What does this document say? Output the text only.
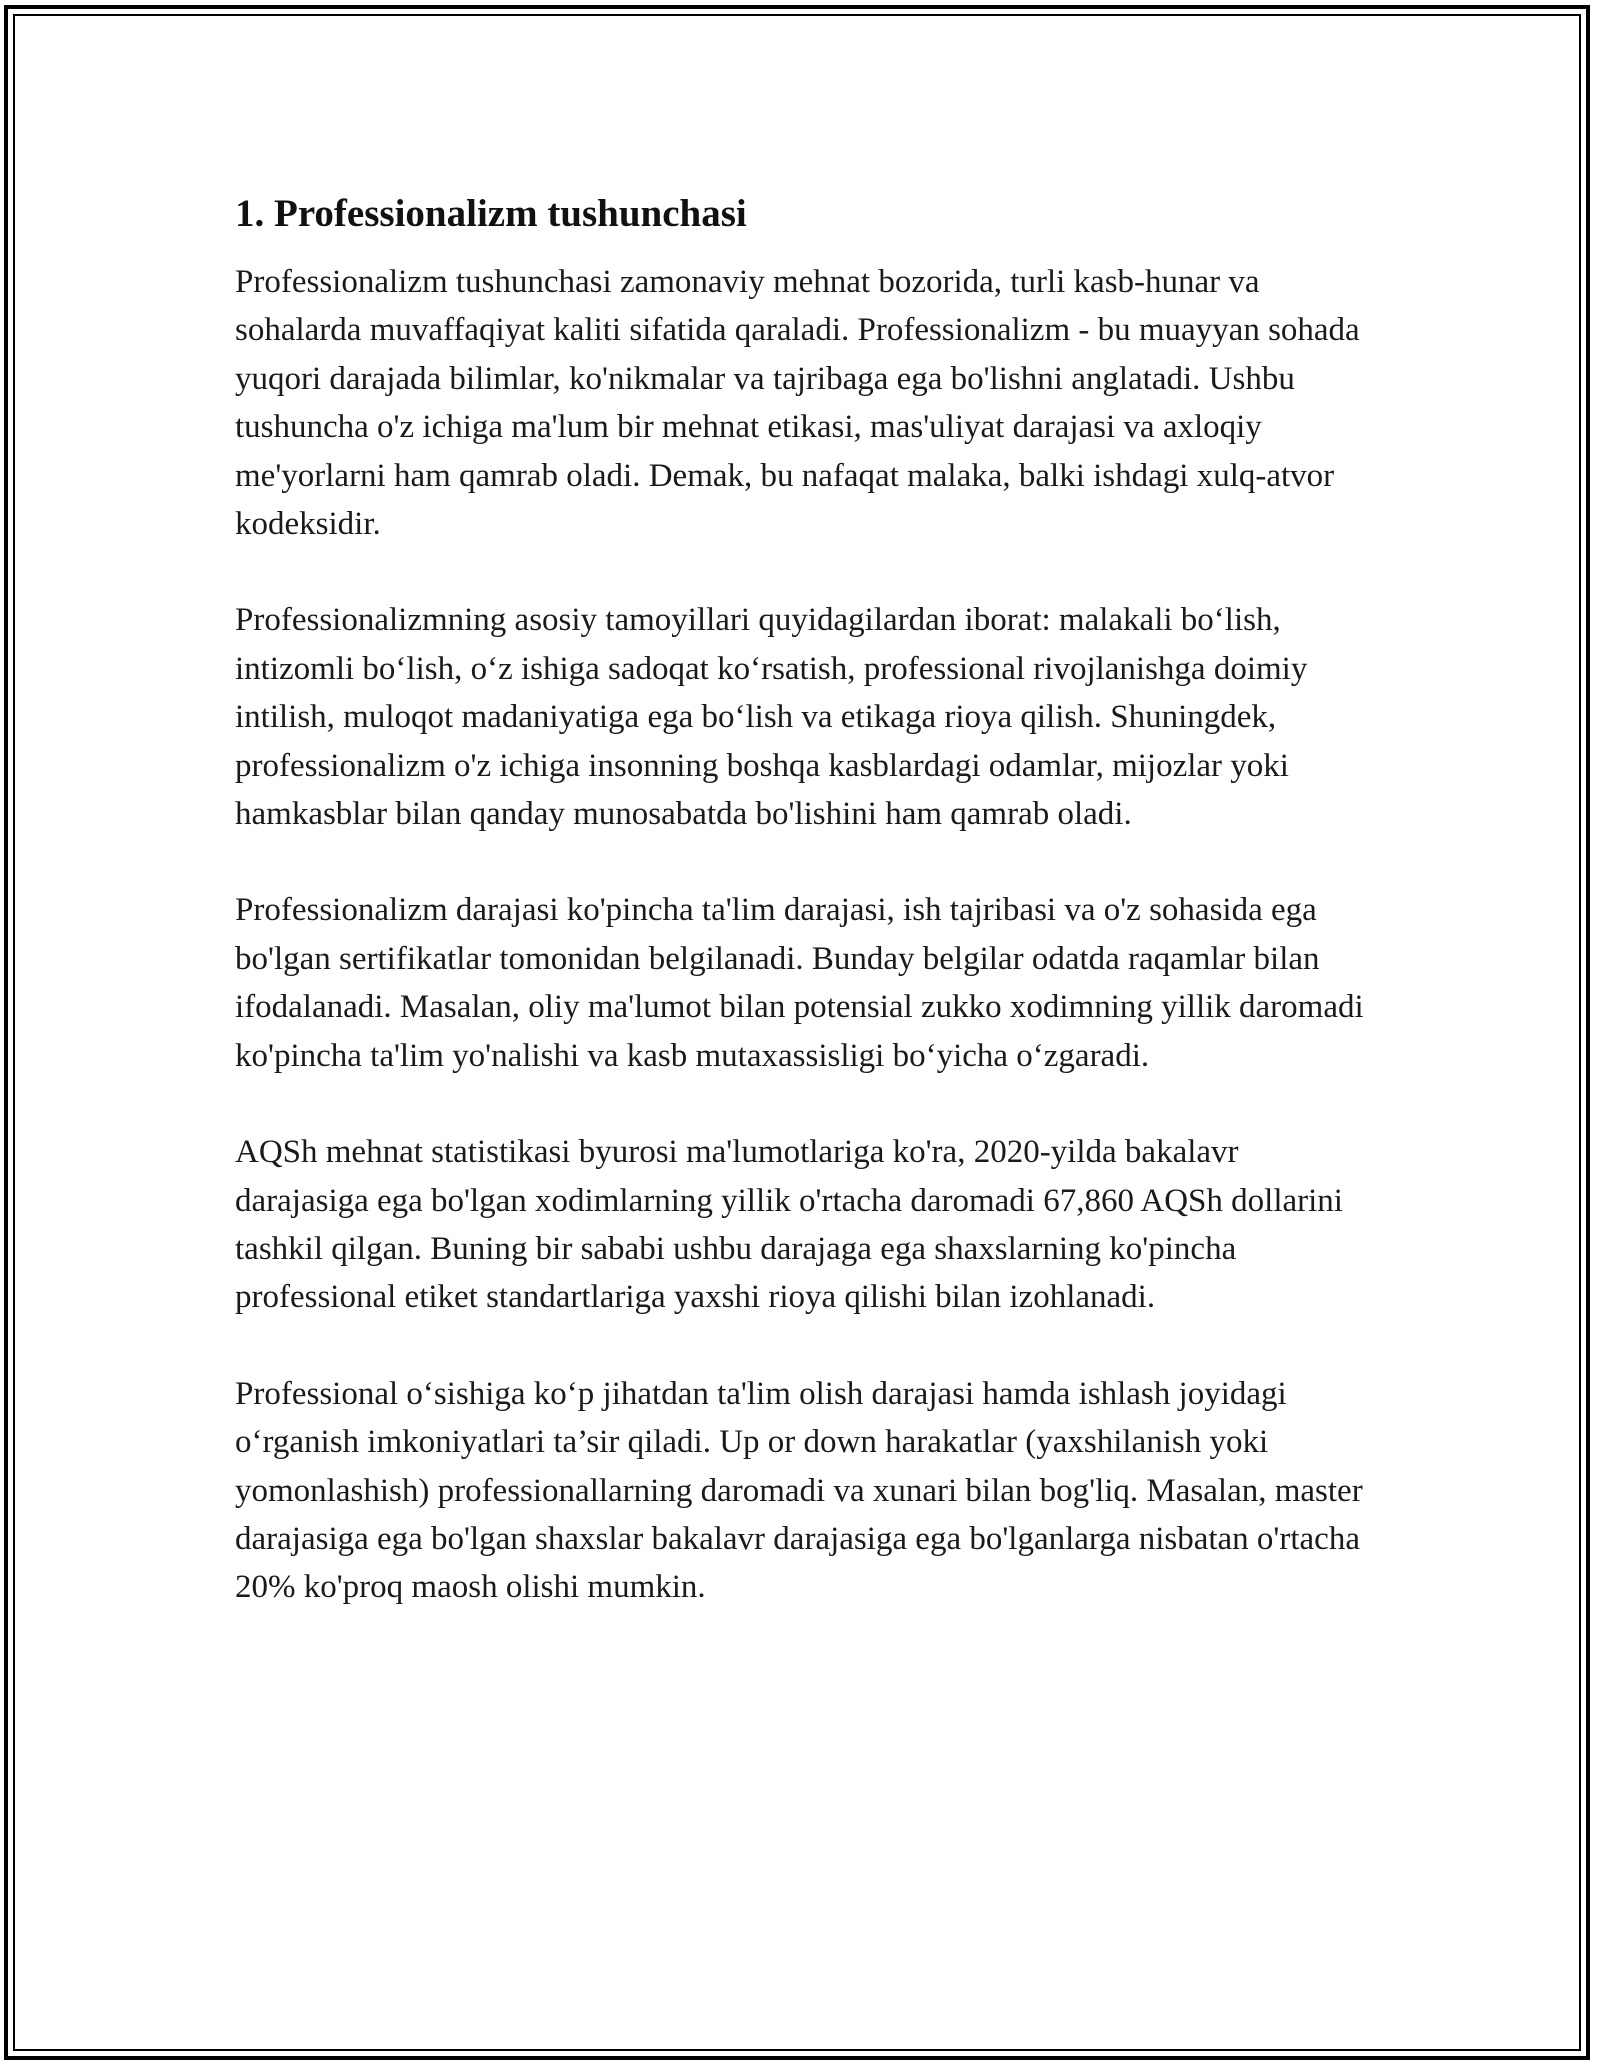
1. Professionalizm tushunchasi

Professionalizm tushunchasi zamonaviy mehnat bozorida, turli kasb-hunar va sohalarda muvaffaqiyat kaliti sifatida qaraladi. Professionalizm - bu muayyan sohada yuqori darajada bilimlar, ko'nikmalar va tajribaga ega bo'lishni anglatadi. Ushbu tushuncha o'z ichiga ma'lum bir mehnat etikasi, mas'uliyat darajasi va axloqiy me'yorlarni ham qamrab oladi. Demak, bu nafaqat malaka, balki ishdagi xulq-atvor kodeksidir.

Professionalizmning asosiy tamoyillari quyidagilardan iborat: malakali bo‘lish, intizomli bo‘lish, o‘z ishiga sadoqat ko‘rsatish, professional rivojlanishga doimiy intilish, muloqot madaniyatiga ega bo‘lish va etikaga rioya qilish. Shuningdek, professionalizm o'z ichiga insonning boshqa kasblardagi odamlar, mijozlar yoki hamkasblar bilan qanday munosabatda bo'lishini ham qamrab oladi.

Professionalizm darajasi ko'pincha ta'lim darajasi, ish tajribasi va o'z sohasida ega bo'lgan sertifikatlar tomonidan belgilanadi. Bunday belgilar odatda raqamlar bilan ifodalanadi. Masalan, oliy ma'lumot bilan potensial zukko xodimning yillik daromadi ko'pincha ta'lim yo'nalishi va kasb mutaxassisligi bo‘yicha o‘zgaradi.

AQSh mehnat statistikasi byurosi ma'lumotlariga ko'ra, 2020-yilda bakalavr darajasiga ega bo'lgan xodimlarning yillik o'rtacha daromadi 67,860 AQSh dollarini tashkil qilgan. Buning bir sababi ushbu darajaga ega shaxslarning ko'pincha professional etiket standartlariga yaxshi rioya qilishi bilan izohlanadi.

Professional o‘sishiga ko‘p jihatdan ta'lim olish darajasi hamda ishlash joyidagi o‘rganish imkoniyatlari ta’sir qiladi. Up or down harakatlar (yaxshilanish yoki yomonlashish) professionallarning daromadi va xunari bilan bog'liq. Masalan, master darajasiga ega bo'lgan shaxslar bakalavr darajasiga ega bo'lganlarga nisbatan o'rtacha 20% ko'proq maosh olishi mumkin.
